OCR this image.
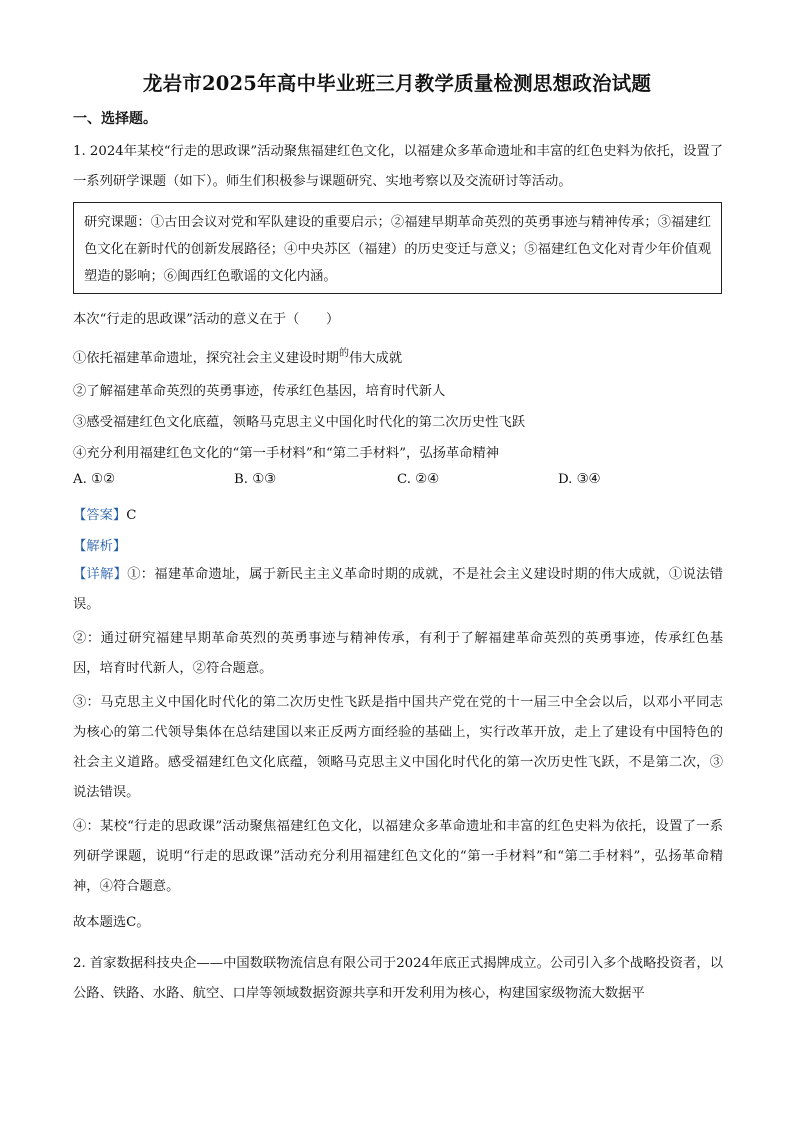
龙岩市2025年高中毕业班三月教学质量检测思想政治试题
一、选择题。
1. 2024年某校“行走的思政课”活动聚焦福建红色文化，以福建众多革命遗址和丰富的红色史料为依托，设置了一系列研学课题（如下）。师生们积极参与课题研究、实地考察以及交流研讨等活动。
研究课题：①古田会议对党和军队建设的重要启示；②福建早期革命英烈的英勇事迹与精神传承；③福建红色文化在新时代的创新发展路径；④中央苏区（福建）的历史变迁与意义；⑤福建红色文化对青少年价值观塑造的影响；⑥闽西红色歌谣的文化内涵。
本次“行走的思政课”活动的意义在于（　　）
①依托福建革命遗址，探究社会主义建设时期$^的$伟大成就
②了解福建革命英烈的英勇事迹，传承红色基因，培育时代新人
③感受福建红色文化底蕴，领略马克思主义中国化时代化的第二次历史性飞跃
④充分利用福建红色文化的“第一手材料”和“第二手材料”，弘扬革命精神
A. ①②	B. ①③	C. ②④	D. ③④
【答案】C
【解析】
【详解】①：福建革命遗址，属于新民主主义革命时期的成就，不是社会主义建设时期的伟大成就，①说法错误。
②：通过研究福建早期革命英烈的英勇事迹与精神传承，有利于了解福建革命英烈的英勇事迹，传承红色基因，培育时代新人，②符合题意。
③：马克思主义中国化时代化的第二次历史性飞跃是指中国共产党在党的十一届三中全会以后，以邓小平同志为核心的第二代领导集体在总结建国以来正反两方面经验的基础上，实行改革开放，走上了建设有中国特色的社会主义道路。感受福建红色文化底蕴，领略马克思主义中国化时代化的第一次历史性飞跃，不是第二次，③说法错误。
④：某校“行走的思政课”活动聚焦福建红色文化，以福建众多革命遗址和丰富的红色史料为依托，设置了一系列研学课题，说明“行走的思政课”活动充分利用福建红色文化的“第一手材料”和“第二手材料”，弘扬革命精神，④符合题意。
故本题选C。
2. 首家数据科技央企——中国数联物流信息有限公司于2024年底正式揭牌成立。公司引入多个战略投资者，以公路、铁路、水路、航空、口岸等领域数据资源共享和开发利用为核心，构建国家级物流大数据平
